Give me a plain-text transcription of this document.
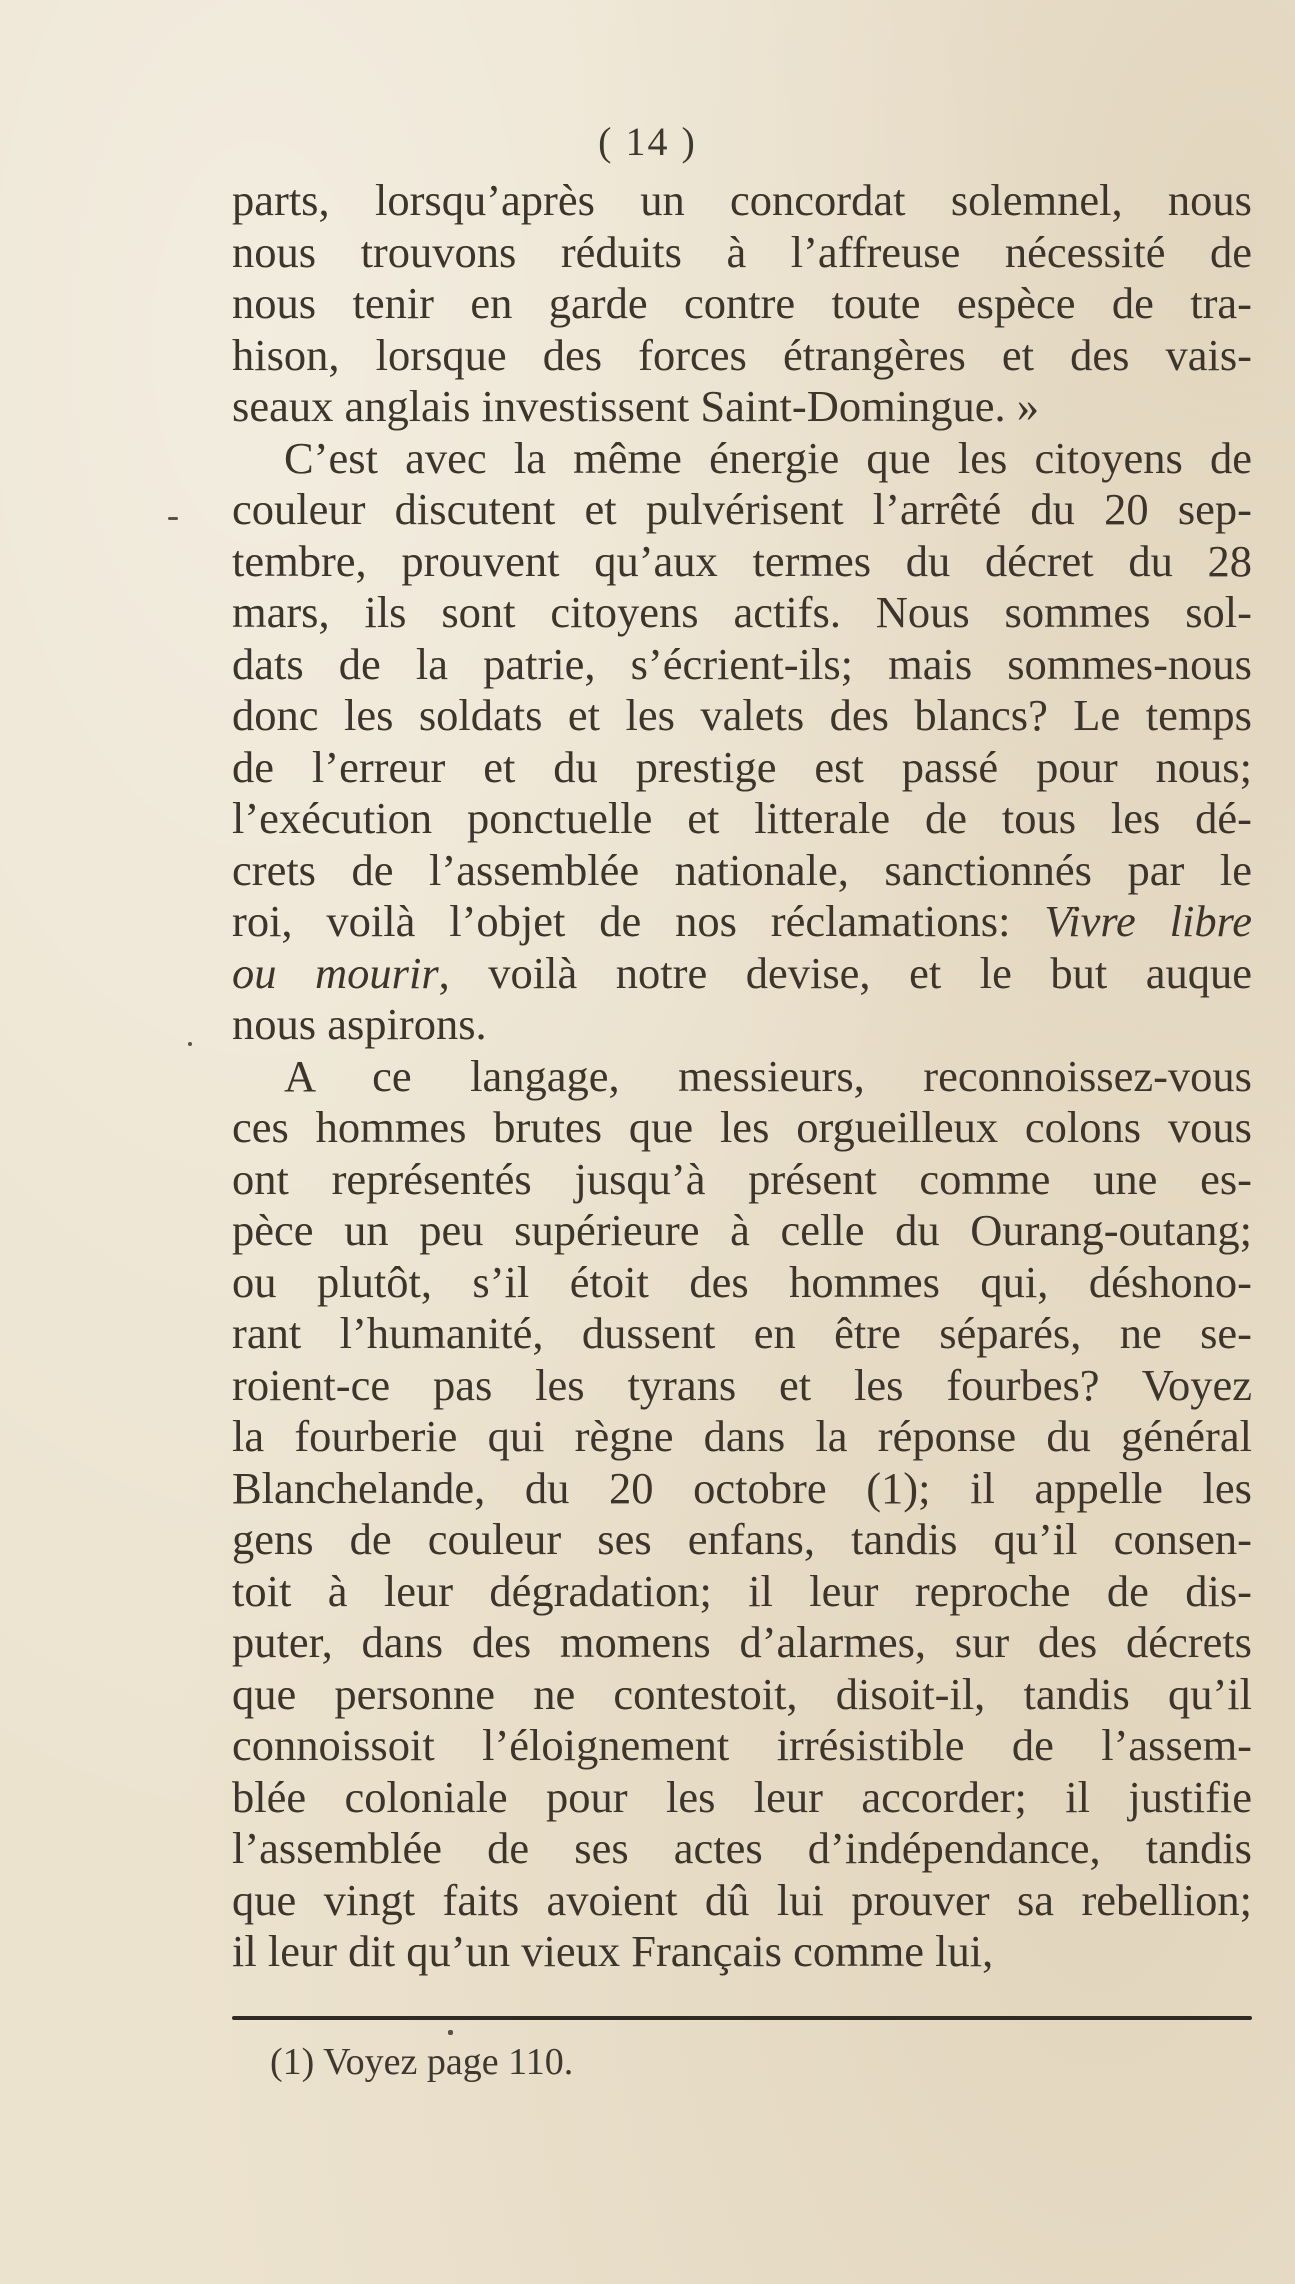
( 14 )
parts, lorsqu’après un concordat solemnel, nous
nous trouvons réduits à l’affreuse nécessité de
nous tenir en garde contre toute espèce de tra-
hison, lorsque des forces étrangères et des vais-
seaux anglais investissent Saint-Domingue. »
C’est avec la même énergie que les citoyens de
couleur discutent et pulvérisent l’arrêté du 20 sep-
tembre, prouvent qu’aux termes du décret du 28
mars, ils sont citoyens actifs. Nous sommes sol-
dats de la patrie, s’écrient-ils; mais sommes-nous
donc les soldats et les valets des blancs? Le temps
de l’erreur et du prestige est passé pour nous;
l’exécution ponctuelle et litterale de tous les dé-
crets de l’assemblée nationale, sanctionnés par le
roi, voilà l’objet de nos réclamations: Vivre libre
ou mourir, voilà notre devise, et le but auque
nous aspirons.
A ce langage, messieurs, reconnoissez-vous
ces hommes brutes que les orgueilleux colons vous
ont représentés jusqu’à présent comme une es-
pèce un peu supérieure à celle du Ourang-outang;
ou plutôt, s’il étoit des hommes qui, déshono-
rant l’humanité, dussent en être séparés, ne se-
roient-ce pas les tyrans et les fourbes? Voyez
la fourberie qui règne dans la réponse du général
Blanchelande, du 20 octobre (1); il appelle les
gens de couleur ses enfans, tandis qu’il consen-
toit à leur dégradation; il leur reproche de dis-
puter, dans des momens d’alarmes, sur des décrets
que personne ne contestoit, disoit-il, tandis qu’il
connoissoit l’éloignement irrésistible de l’assem-
blée coloniale pour les leur accorder; il justifie
l’assemblée de ses actes d’indépendance, tandis
que vingt faits avoient dû lui prouver sa rebellion;
il leur dit qu’un vieux Français comme lui,
(1) Voyez page 110.
